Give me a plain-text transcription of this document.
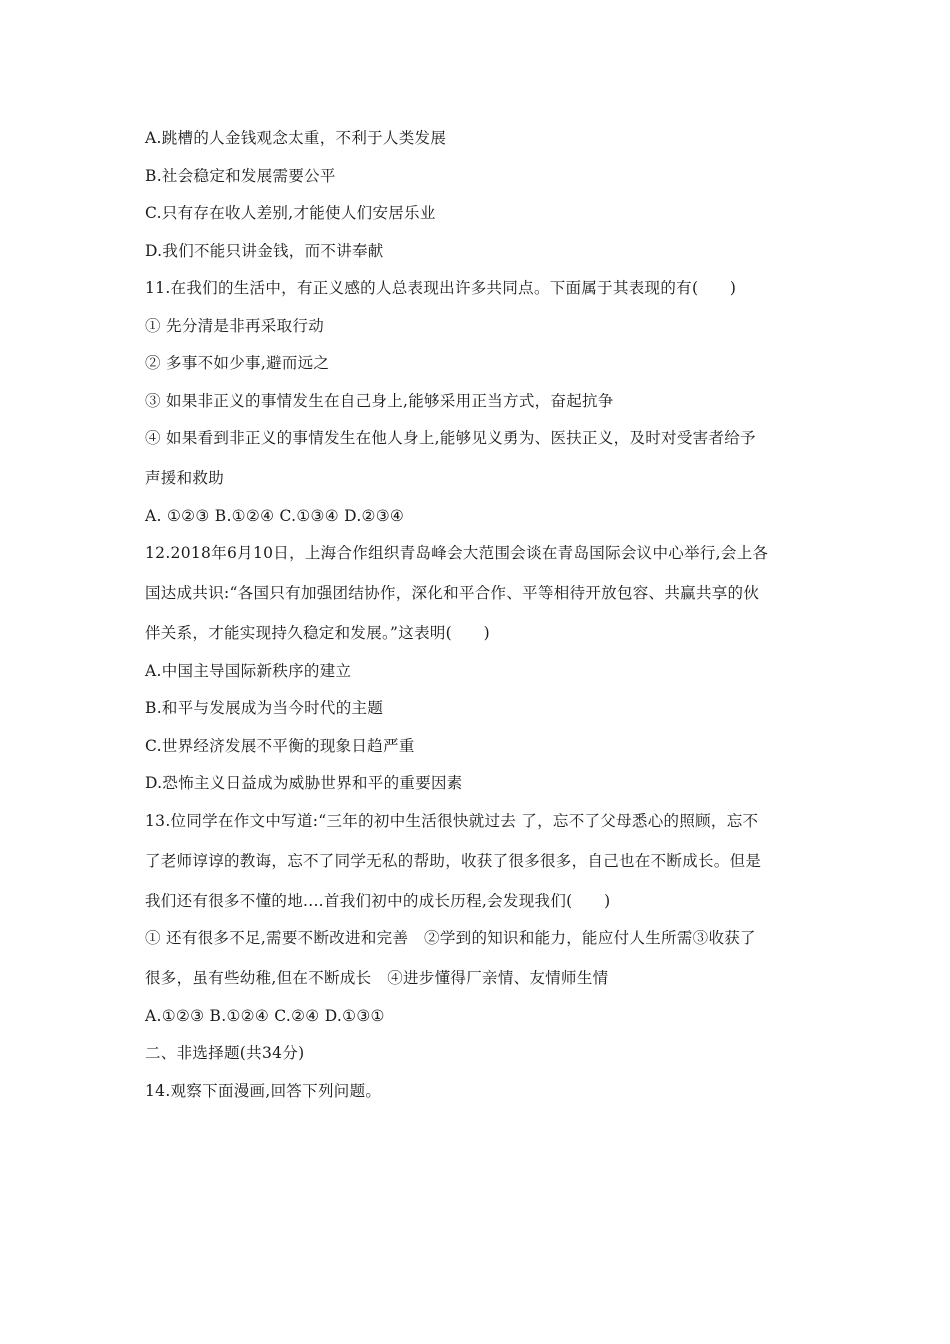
A.跳槽的人金钱观念太重，不利于人类发展
B.社会稳定和发展需要公平
C.只有存在收人差别,才能使人们安居乐业
D.我们不能只讲金钱，而不讲奉献
11.在我们的生活中，有正义感的人总表现出许多共同点。下面属于其表现的有(　　)
① 先分清是非再采取行动
② 多事不如少事,避而远之
③ 如果非正义的事情发生在自己身上,能够采用正当方式，奋起抗争
④ 如果看到非正义的事情发生在他人身上,能够见义勇为、医扶正义，及时对受害者给予
声援和救助
A. ①②③ B.①②④ C.①③④ D.②③④
12.2018年6月10日，上海合作组织青岛峰会大范围会谈在青岛国际会议中心举行,会上各
国达成共识:“各国只有加强团结协作，深化和平合作、平等相待开放包容、共赢共享的伙
伴关系，才能实现持久稳定和发展。”这表明(　　)
A.中国主导国际新秩序的建立
B.和平与发展成为当今时代的主题
C.世界经济发展不平衡的现象日趋严重
D.恐怖主义日益成为威胁世界和平的重要因素
13.位同学在作文中写道:“三年的初中生活很快就过去 了，忘不了父母悉心的照顾，忘不
了老师谆谆的教诲，忘不了同学无私的帮助，收获了很多很多，自己也在不断成长。但是
我们还有很多不懂的地....首我们初中的成长历程,会发现我们(　　)
① 还有很多不足,需要不断改进和完善　②学到的知识和能力，能应付人生所需③收获了
很多，虽有些幼稚,但在不断成长　④进步懂得厂亲情、友情师生情
A.①②③ B.①②④ C.②④ D.①③①
二、非选择题(共34分)
14.观察下面漫画,回答下列问题。
